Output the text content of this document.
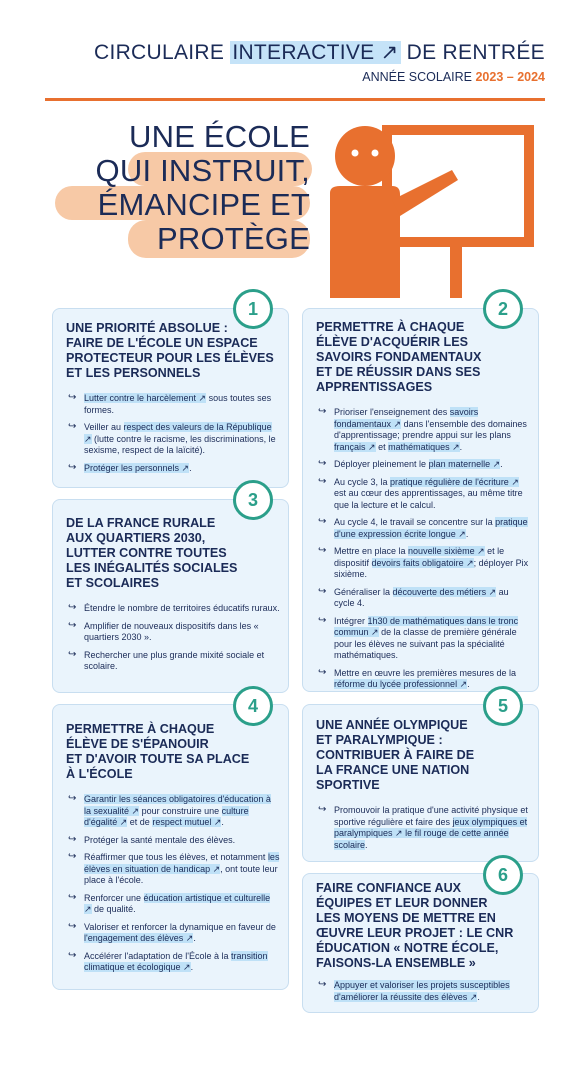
CIRCULAIRE INTERACTIVE ↗ DE RENTRÉE
ANNÉE SCOLAIRE 2023 – 2024
UNE ÉCOLE
QUI INSTRUIT,
ÉMANCIPE ET
PROTÈGE
1
UNE PRIORITÉ ABSOLUE :
FAIRE DE L'ÉCOLE UN ESPACE
PROTECTEUR POUR LES ÉLÈVES
ET LES PERSONNELS
↪ Lutter contre le harcèlement ↗ sous toutes ses formes.
↪ Veiller au respect des valeurs de la République ↗ (lutte contre le racisme, les discriminations, le sexisme, respect de la laïcité).
↪ Protéger les personnels ↗.
3
DE LA FRANCE RURALE
AUX QUARTIERS 2030,
LUTTER CONTRE TOUTES
LES INÉGALITÉS SOCIALES
ET SCOLAIRES
↪ Étendre le nombre de territoires éducatifs ruraux.
↪ Amplifier de nouveaux dispositifs dans les « quartiers 2030 ».
↪ Rechercher une plus grande mixité sociale et scolaire.
4
PERMETTRE À CHAQUE
ÉLÈVE DE S'ÉPANOUIR
ET D'AVOIR TOUTE SA PLACE
À L'ÉCOLE
↪ Garantir les séances obligatoires d'éducation à la sexualité ↗ pour construire une culture d'égalité ↗ et de respect mutuel ↗.
↪ Protéger la santé mentale des élèves.
↪ Réaffirmer que tous les élèves, et notamment les élèves en situation de handicap ↗, ont toute leur place à l'école.
↪ Renforcer une éducation artistique et culturelle ↗ de qualité.
↪ Valoriser et renforcer la dynamique en faveur de l'engagement des élèves ↗.
↪ Accélérer l'adaptation de l'École à la transition climatique et écologique ↗.
2
PERMETTRE À CHAQUE
ÉLÈVE D'ACQUÉRIR LES
SAVOIRS FONDAMENTAUX
ET DE RÉUSSIR DANS SES
APPRENTISSAGES
↪ Prioriser l'enseignement des savoirs fondamentaux ↗ dans l'ensemble des domaines d'apprentissage; prendre appui sur les plans français ↗ et mathématiques ↗.
↪ Déployer pleinement le plan maternelle ↗.
↪ Au cycle 3, la pratique régulière de l'écriture ↗ est au cœur des apprentissages, au même titre que la lecture et le calcul.
↪ Au cycle 4, le travail se concentre sur la pratique d'une expression écrite longue ↗.
↪ Mettre en place la nouvelle sixième ↗ et le dispositif devoirs faits obligatoire ↗; déployer Pix sixième.
↪ Généraliser la découverte des métiers ↗ au cycle 4.
↪ Intégrer 1h30 de mathématiques dans le tronc commun ↗ de la classe de première générale pour les élèves ne suivant pas la spécialité mathématiques.
↪ Mettre en œuvre les premières mesures de la réforme du lycée professionnel ↗.
5
UNE ANNÉE OLYMPIQUE
ET PARALYMPIQUE :
CONTRIBUER À FAIRE DE
LA FRANCE UNE NATION
SPORTIVE
↪ Promouvoir la pratique d'une activité physique et sportive régulière et faire des jeux olympiques et paralympiques ↗ le fil rouge de cette année scolaire.
6
FAIRE CONFIANCE AUX
ÉQUIPES ET LEUR DONNER
LES MOYENS DE METTRE EN
ŒUVRE LEUR PROJET : LE CNR
ÉDUCATION « NOTRE ÉCOLE,
FAISONS-LA ENSEMBLE »
↪ Appuyer et valoriser les projets susceptibles d'améliorer la réussite des élèves ↗.
